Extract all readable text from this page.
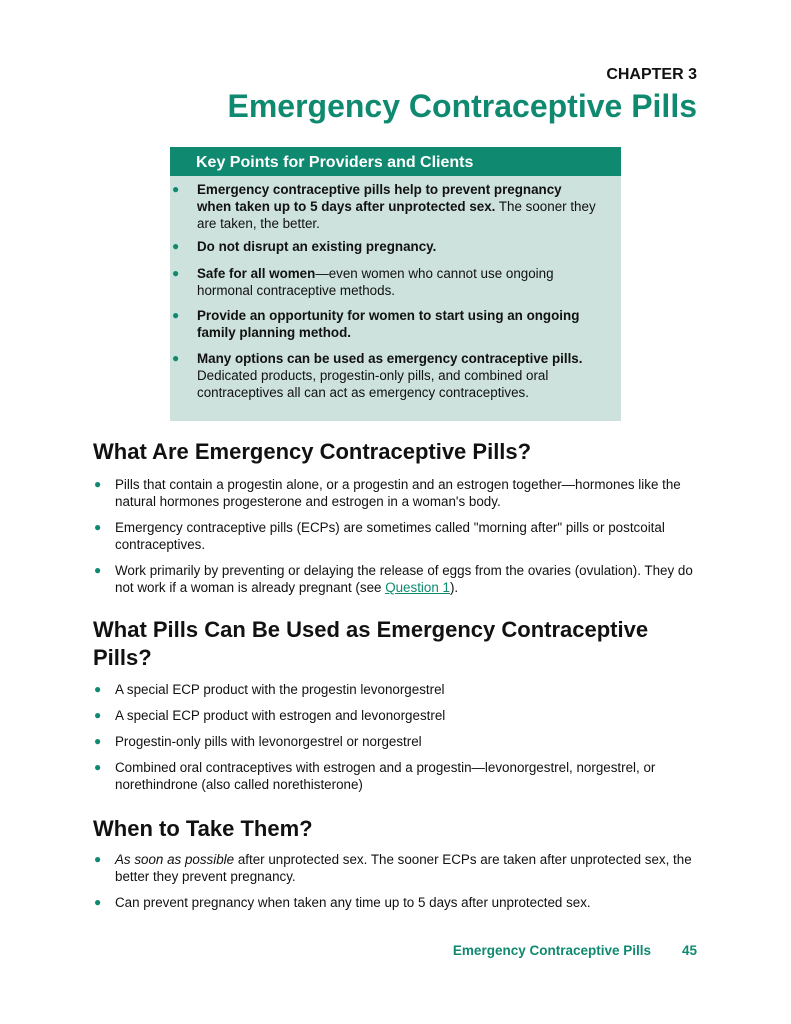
CHAPTER 3
Emergency Contraceptive Pills
Key Points for Providers and Clients
● Emergency contraceptive pills help to prevent pregnancy when taken up to 5 days after unprotected sex. The sooner they are taken, the better.
● Do not disrupt an existing pregnancy.
● Safe for all women—even women who cannot use ongoing hormonal contraceptive methods.
● Provide an opportunity for women to start using an ongoing family planning method.
● Many options can be used as emergency contraceptive pills. Dedicated products, progestin-only pills, and combined oral contraceptives all can act as emergency contraceptives.
What Are Emergency Contraceptive Pills?
● Pills that contain a progestin alone, or a progestin and an estrogen together—hormones like the natural hormones progesterone and estrogen in a woman's body.
● Emergency contraceptive pills (ECPs) are sometimes called "morning after" pills or postcoital contraceptives.
● Work primarily by preventing or delaying the release of eggs from the ovaries (ovulation). They do not work if a woman is already pregnant (see Question 1).
What Pills Can Be Used as Emergency Contraceptive
Pills?
● A special ECP product with the progestin levonorgestrel
● A special ECP product with estrogen and levonorgestrel
● Progestin-only pills with levonorgestrel or norgestrel
● Combined oral contraceptives with estrogen and a progestin—levonorgestrel, norgestrel, or norethindrone (also called norethisterone)
When to Take Them?
● As soon as possible after unprotected sex. The sooner ECPs are taken after unprotected sex, the better they prevent pregnancy.
● Can prevent pregnancy when taken any time up to 5 days after unprotected sex.
Emergency Contraceptive Pills 45
